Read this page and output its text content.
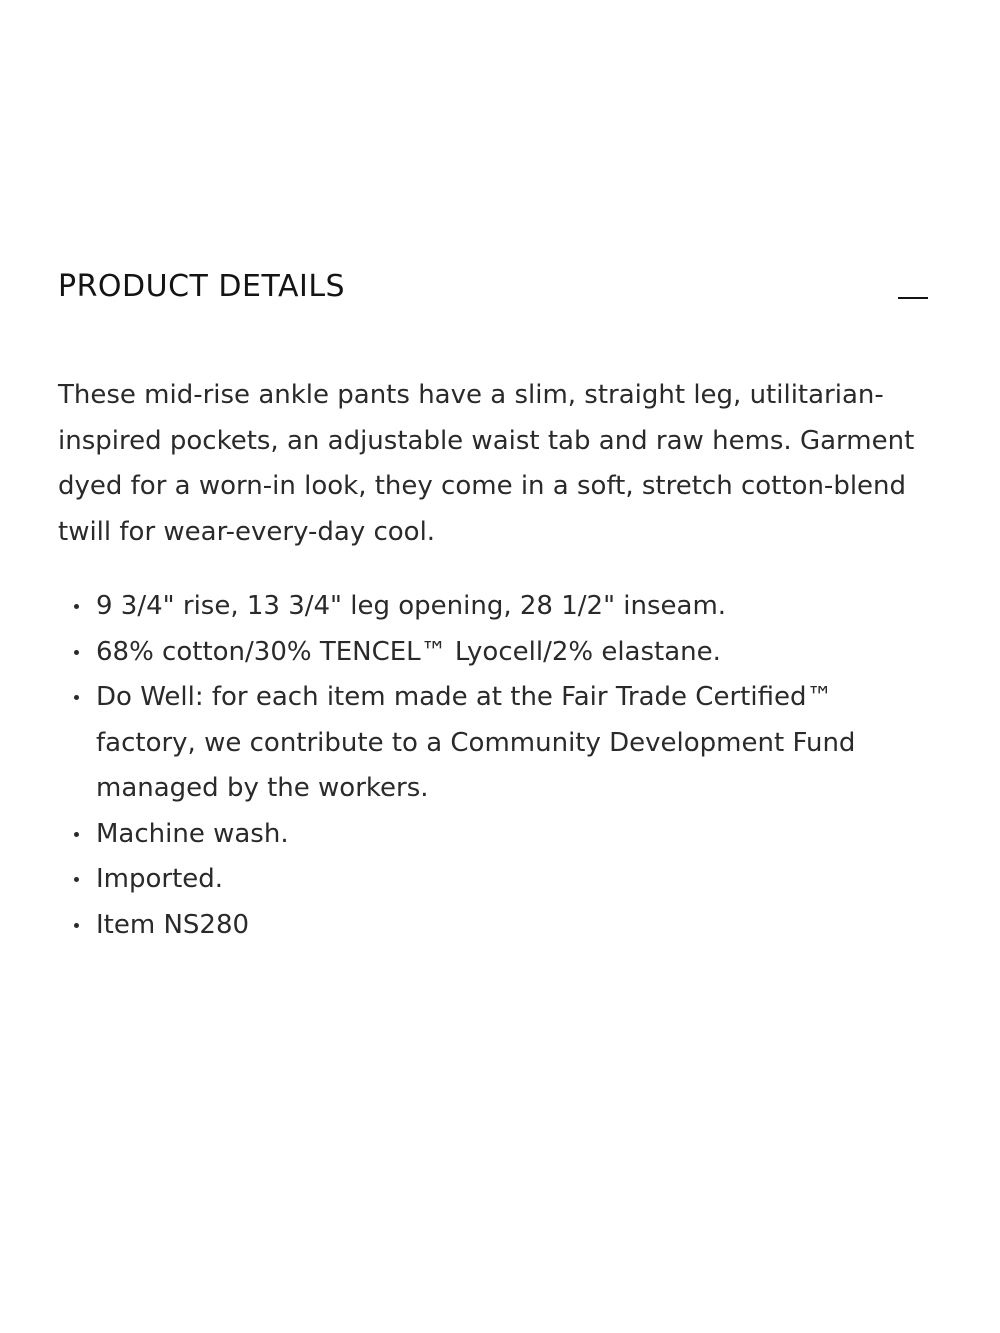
PRODUCT DETAILS

These mid-rise ankle pants have a slim, straight leg, utilitarian-inspired pockets, an adjustable waist tab and raw hems. Garment dyed for a worn-in look, they come in a soft, stretch cotton-blend twill for wear-every-day cool.

9 3/4" rise, 13 3/4" leg opening, 28 1/2" inseam.
68% cotton/30% TENCEL™ Lyocell/2% elastane.
Do Well: for each item made at the Fair Trade Certified™ factory, we contribute to a Community Development Fund managed by the workers.
Machine wash.
Imported.
Item NS280
